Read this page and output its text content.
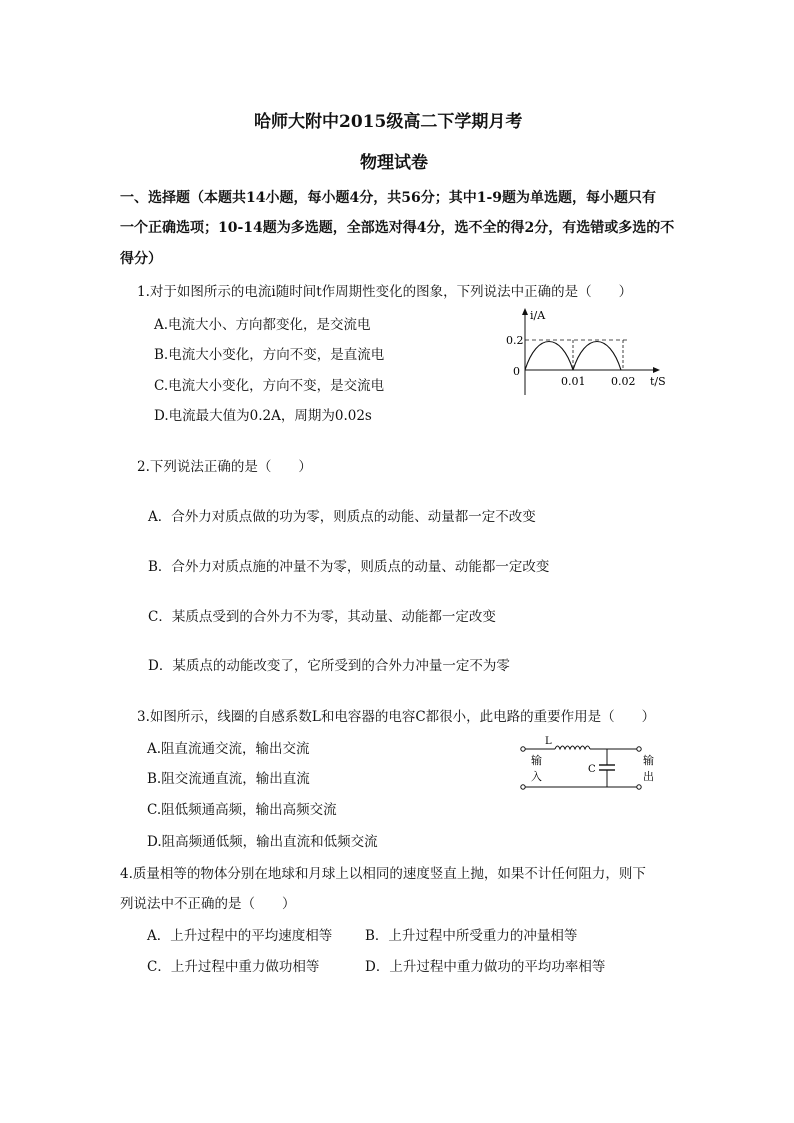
哈师大附中2015级高二下学期月考
物理试卷
一、选择题（本题共14小题，每小题4分，共56分；其中1-9题为单选题，每小题只有
一个正确选项；10-14题为多选题，全部选对得4分，选不全的得2分，有选错或多选的不
得分）
1.对于如图所示的电流i随时间t作周期性变化的图象，下列说法中正确的是（　　）
A.电流大小、方向都变化，是交流电
B.电流大小变化，方向不变，是直流电
C.电流大小变化，方向不变，是交流电
D.电流最大值为0.2A，周期为0.02s
i/A
0.2
0
0.01 0.02 t/S
2.下列说法正确的是（　　）
A．合外力对质点做的功为零，则质点的动能、动量都一定不改变
B．合外力对质点施的冲量不为零，则质点的动量、动能都一定改变
C．某质点受到的合外力不为零，其动量、动能都一定改变
D．某质点的动能改变了，它所受到的合外力冲量一定不为零
3.如图所示，线圈的自感系数L和电容器的电容C都很小，此电路的重要作用是（　　）
A.阻直流通交流，输出交流
B.阻交流通直流，输出直流
C.阻低频通高频，输出高频交流
D.阻高频通低频，输出直流和低频交流
L
C
输
入
输
出
4.质量相等的物体分别在地球和月球上以相同的速度竖直上抛，如果不计任何阻力，则下
列说法中不正确的是（　　）
A．上升过程中的平均速度相等 B．上升过程中所受重力的冲量相等
C．上升过程中重力做功相等	D．上升过程中重力做功的平均功率相等
